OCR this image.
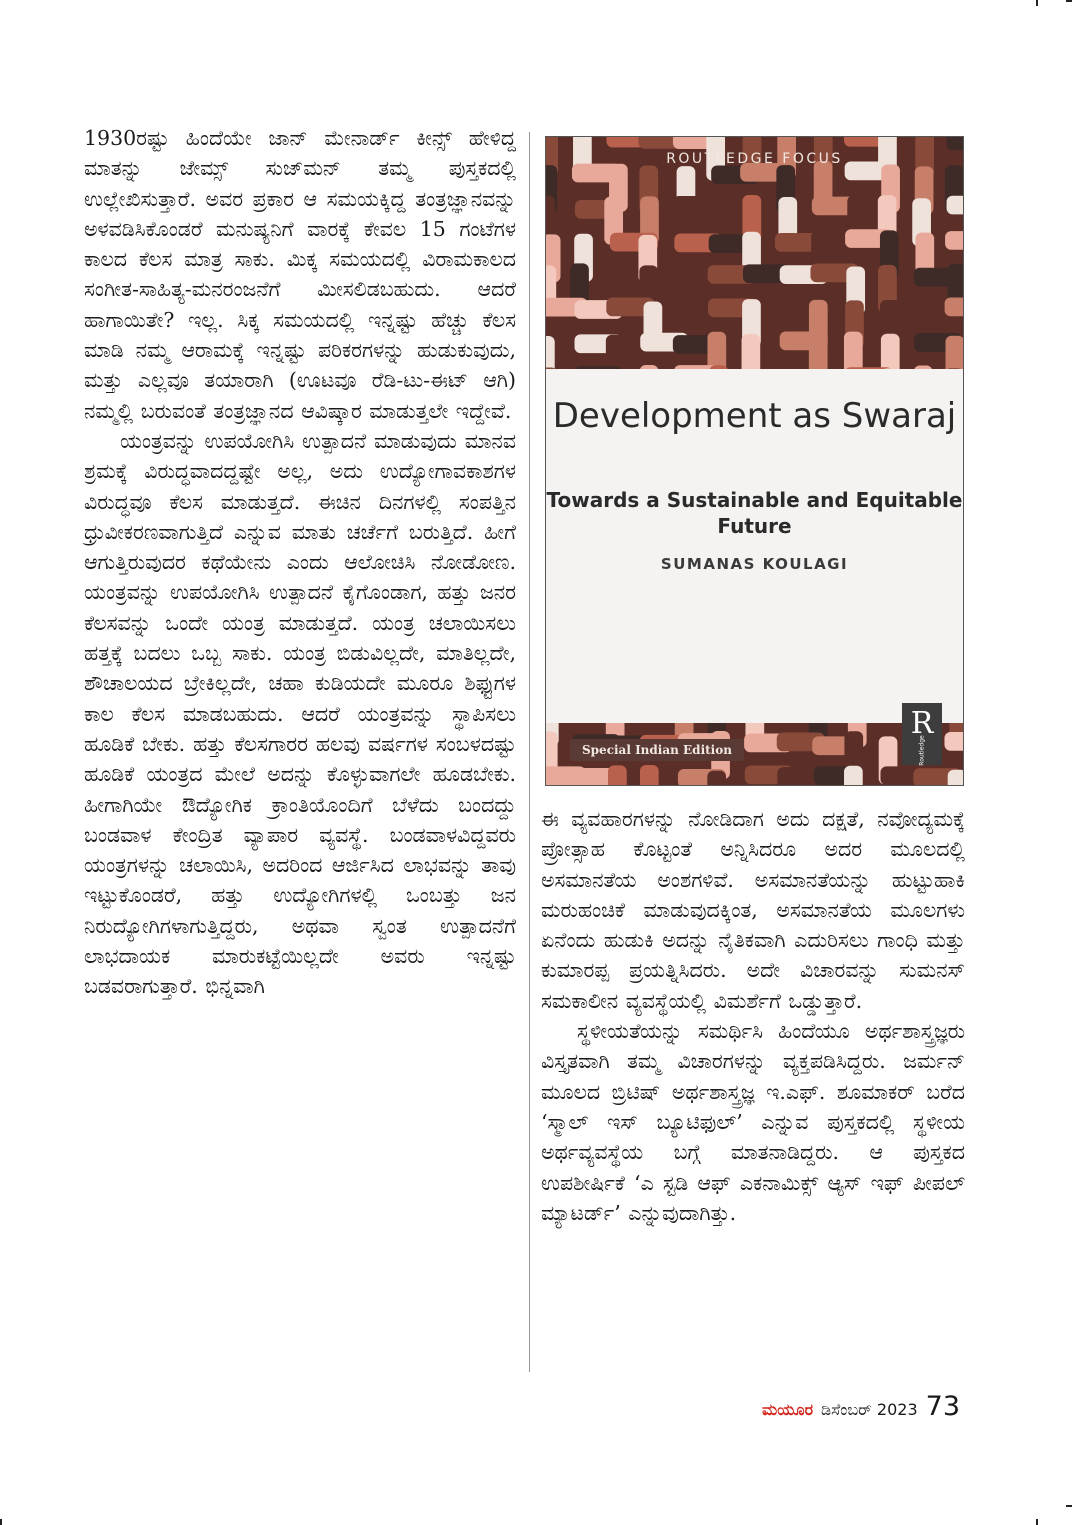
1930ರಷ್ಟು ಹಿಂದೆಯೇ ಜಾನ್ ಮೇನಾರ್ಡ್ ಕೀನ್ಸ್ ಹೇಳಿದ್ದ ಮಾತನ್ನು ಜೇಮ್ಸ್ ಸುಜ್‌ಮನ್ ತಮ್ಮ ಪುಸ್ತಕದಲ್ಲಿ ಉಲ್ಲೇಖಿಸುತ್ತಾರೆ. ಅವರ ಪ್ರಕಾರ ಆ ಸಮಯಕ್ಕಿದ್ದ ತಂತ್ರಜ್ಞಾನವನ್ನು ಅಳವಡಿಸಿಕೊಂಡರೆ ಮನುಷ್ಯನಿಗೆ ವಾರಕ್ಕೆ ಕೇವಲ 15 ಗಂಟೆಗಳ ಕಾಲದ ಕೆಲಸ ಮಾತ್ರ ಸಾಕು. ಮಿಕ್ಕ ಸಮಯದಲ್ಲಿ ವಿರಾಮಕಾಲದ ಸಂಗೀತ-ಸಾಹಿತ್ಯ-ಮನರಂಜನೆಗೆ ಮೀಸಲಿಡಬಹುದು. ಆದರೆ ಹಾಗಾಯಿತೇ? ಇಲ್ಲ. ಸಿಕ್ಕ ಸಮಯದಲ್ಲಿ ಇನ್ನಷ್ಟು ಹೆಚ್ಚು ಕೆಲಸ ಮಾಡಿ ನಮ್ಮ ಆರಾಮಕ್ಕೆ ಇನ್ನಷ್ಟು ಪರಿಕರಗಳನ್ನು ಹುಡುಕುವುದು, ಮತ್ತು ಎಲ್ಲವೂ ತಯಾರಾಗಿ (ಊಟವೂ ರೆಡಿ-ಟು-ಈಟ್ ಆಗಿ) ನಮ್ಮಲ್ಲಿ ಬರುವಂತೆ ತಂತ್ರಜ್ಞಾನದ ಆವಿಷ್ಕಾರ ಮಾಡುತ್ತಲೇ ಇದ್ದೇವೆ.

ಯಂತ್ರವನ್ನು ಉಪಯೋಗಿಸಿ ಉತ್ಪಾದನೆ ಮಾಡುವುದು ಮಾನವ ಶ್ರಮಕ್ಕೆ ವಿರುದ್ಧವಾದದ್ದಷ್ಟೇ ಅಲ್ಲ, ಅದು ಉದ್ಯೋಗಾವಕಾಶಗಳ ವಿರುದ್ಧವೂ ಕೆಲಸ ಮಾಡುತ್ತದೆ. ಈಚಿನ ದಿನಗಳಲ್ಲಿ ಸಂಪತ್ತಿನ ಧ್ರುವೀಕರಣವಾಗುತ್ತಿದೆ ಎನ್ನುವ ಮಾತು ಚರ್ಚೆಗೆ ಬರುತ್ತಿದೆ. ಹೀಗೆ ಆಗುತ್ತಿರುವುದರ ಕಥೆಯೇನು ಎಂದು ಆಲೋಚಿಸಿ ನೋಡೋಣ. ಯಂತ್ರವನ್ನು ಉಪಯೋಗಿಸಿ ಉತ್ಪಾದನೆ ಕೈಗೊಂಡಾಗ, ಹತ್ತು ಜನರ ಕೆಲಸವನ್ನು ಒಂದೇ ಯಂತ್ರ ಮಾಡುತ್ತದೆ. ಯಂತ್ರ ಚಲಾಯಿಸಲು ಹತ್ತಕ್ಕೆ ಬದಲು ಒಬ್ಬ ಸಾಕು. ಯಂತ್ರ ಬಿಡುವಿಲ್ಲದೇ, ಮಾತಿಲ್ಲದೇ, ಶೌಚಾಲಯದ ಬ್ರೇಕಿಲ್ಲದೇ, ಚಹಾ ಕುಡಿಯದೇ ಮೂರೂ ಶಿಫ್ಟುಗಳ ಕಾಲ ಕೆಲಸ ಮಾಡಬಹುದು. ಆದರೆ ಯಂತ್ರವನ್ನು ಸ್ಥಾಪಿಸಲು ಹೂಡಿಕೆ ಬೇಕು. ಹತ್ತು ಕೆಲಸಗಾರರ ಹಲವು ವರ್ಷಗಳ ಸಂಬಳದಷ್ಟು ಹೂಡಿಕೆ ಯಂತ್ರದ ಮೇಲೆ ಅದನ್ನು ಕೊಳ್ಳುವಾಗಲೇ ಹೂಡಬೇಕು. ಹೀಗಾಗಿಯೇ ಔದ್ಯೋಗಿಕ ಕ್ರಾಂತಿಯೊಂದಿಗೆ ಬೆಳೆದು ಬಂದದ್ದು ಬಂಡವಾಳ ಕೇಂದ್ರಿತ ವ್ಯಾಪಾರ ವ್ಯವಸ್ಥೆ. ಬಂಡವಾಳವಿದ್ದವರು ಯಂತ್ರಗಳನ್ನು ಚಲಾಯಿಸಿ, ಅದರಿಂದ ಆರ್ಜಿಸಿದ ಲಾಭವನ್ನು ತಾವು ಇಟ್ಟುಕೊಂಡರೆ, ಹತ್ತು ಉದ್ಯೋಗಿಗಳಲ್ಲಿ ಒಂಬತ್ತು ಜನ ನಿರುದ್ಯೋಗಿಗಳಾಗುತ್ತಿದ್ದರು, ಅಥವಾ ಸ್ವಂತ ಉತ್ಪಾದನೆಗೆ ಲಾಭದಾಯಕ ಮಾರುಕಟ್ಟೆಯಿಲ್ಲದೇ ಅವರು ಇನ್ನಷ್ಟು ಬಡವರಾಗುತ್ತಾರೆ. ಭಿನ್ನವಾಗಿ

ROUTLEDGE FOCUS
Development as Swaraj
Towards a Sustainable and Equitable Future
SUMANAS KOULAGI
Special Indian Edition
R
Routledge

ಈ ವ್ಯವಹಾರಗಳನ್ನು ನೋಡಿದಾಗ ಅದು ದಕ್ಷತೆ, ನವೋದ್ಯಮಕ್ಕೆ ಪ್ರೋತ್ಸಾಹ ಕೊಟ್ಟಂತೆ ಅನ್ನಿಸಿದರೂ ಅದರ ಮೂಲದಲ್ಲಿ ಅಸಮಾನತೆಯ ಅಂಶಗಳಿವೆ. ಅಸಮಾನತೆಯನ್ನು ಹುಟ್ಟುಹಾಕಿ ಮರುಹಂಚಿಕೆ ಮಾಡುವುದಕ್ಕಿಂತ, ಅಸಮಾನತೆಯ ಮೂಲಗಳು ಏನೆಂದು ಹುಡುಕಿ ಅದನ್ನು ನೈತಿಕವಾಗಿ ಎದುರಿಸಲು ಗಾಂಧಿ ಮತ್ತು ಕುಮಾರಪ್ಪ ಪ್ರಯತ್ನಿಸಿದರು. ಅದೇ ವಿಚಾರವನ್ನು ಸುಮನಸ್ ಸಮಕಾಲೀನ ವ್ಯವಸ್ಥೆಯಲ್ಲಿ ವಿಮರ್ಶೆಗೆ ಒಡ್ಡುತ್ತಾರೆ.

ಸ್ಥಳೀಯತೆಯನ್ನು ಸಮರ್ಥಿಸಿ ಹಿಂದೆಯೂ ಅರ್ಥಶಾಸ್ತ್ರಜ್ಞರು ವಿಸ್ತೃತವಾಗಿ ತಮ್ಮ ವಿಚಾರಗಳನ್ನು ವ್ಯಕ್ತಪಡಿಸಿದ್ದರು. ಜರ್ಮನ್ ಮೂಲದ ಬ್ರಿಟಿಷ್ ಅರ್ಥಶಾಸ್ತ್ರಜ್ಞ ಇ.ಎಫ್. ಶೂಮಾಕರ್ ಬರೆದ ‘ಸ್ಮಾಲ್ ಇಸ್ ಬ್ಯೂಟಿಫುಲ್’ ಎನ್ನುವ ಪುಸ್ತಕದಲ್ಲಿ ಸ್ಥಳೀಯ ಅರ್ಥವ್ಯವಸ್ಥೆಯ ಬಗ್ಗೆ ಮಾತನಾಡಿದ್ದರು. ಆ ಪುಸ್ತಕದ ಉಪಶೀರ್ಷಿಕೆ ‘ಎ ಸ್ಟಡಿ ಆಫ್ ಎಕನಾಮಿಕ್ಸ್ ಆ್ಯಸ್ ಇಫ್ ಪೀಪಲ್ ಮ್ಯಾಟರ್ಡ್’ ಎನ್ನುವುದಾಗಿತ್ತು.

ಮಯೂರ ಡಿಸೆಂಬರ್ 2023 73
